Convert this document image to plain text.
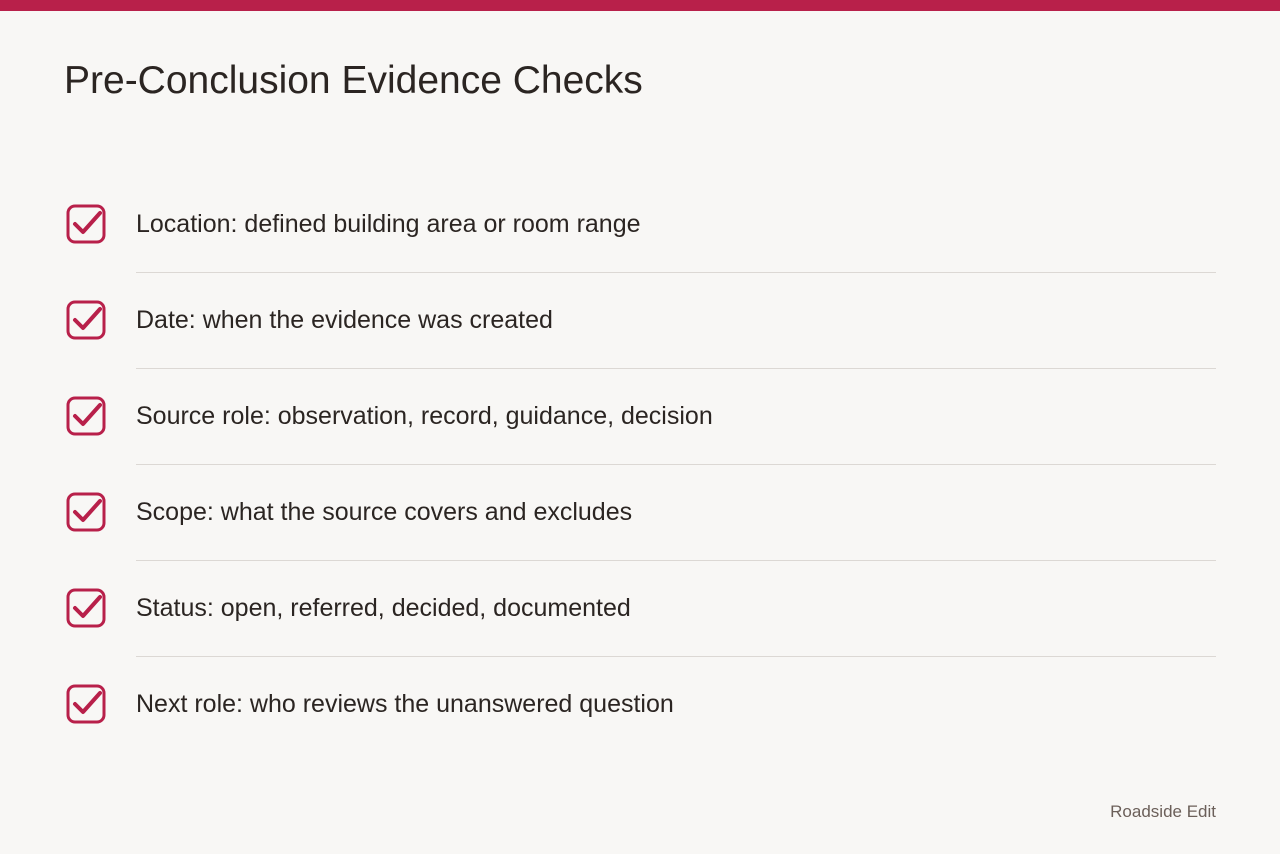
Pre-Conclusion Evidence Checks
Location: defined building area or room range
Date: when the evidence was created
Source role: observation, record, guidance, decision
Scope: what the source covers and excludes
Status: open, referred, decided, documented
Next role: who reviews the unanswered question
Roadside Edit
